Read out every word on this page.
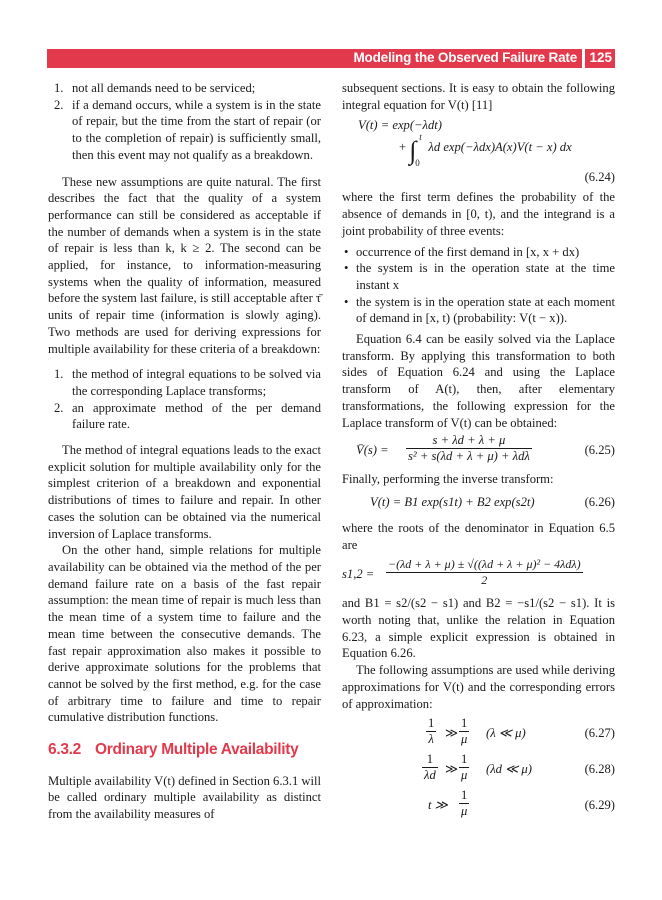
Modeling the Observed Failure Rate 125
1. not all demands need to be serviced;
2. if a demand occurs, while a system is in the state of repair, but the time from the start of repair (or to the completion of repair) is sufficiently small, then this event may not qualify as a breakdown.

These new assumptions are quite natural. The first describes the fact that the quality of a system performance can still be considered as acceptable if the number of demands when a system is in the state of repair is less than k, k ≥ 2. The second can be applied, for instance, to information-measuring systems when the quality of information, measured before the system last failure, is still acceptable after τ̄ units of repair time (information is slowly aging). Two methods are used for deriving expressions for multiple availability for these criteria of a breakdown:

1. the method of integral equations to be solved via the corresponding Laplace transforms;
2. an approximate method of the per demand failure rate.

The method of integral equations leads to the exact explicit solution for multiple availability only for the simplest criterion of a breakdown and exponential distributions of times to failure and repair. In other cases the solution can be obtained via the numerical inversion of Laplace transforms.

On the other hand, simple relations for multiple availability can be obtained via the method of the per demand failure rate on a basis of the fast repair assumption: the mean time of repair is much less than the mean time of a system time to failure and the mean time between the consecutive demands. The fast repair approximation also makes it possible to derive approximate solutions for the problems that cannot be solved by the first method, e.g. for the case of arbitrary time to failure and time to repair cumulative distribution functions.

6.3.2 Ordinary Multiple Availability

Multiple availability V(t) defined in Section 6.3.1 will be called ordinary multiple availability as distinct from the availability measures of

subsequent sections. It is easy to obtain the following integral equation for V(t) [11]

V(t) = exp(−λdt)
+ ∫ t
0
λd exp(−λdx)A(x)V(t − x) dx
(6.24)

where the first term defines the probability of the absence of demands in [0, t), and the integrand is a joint probability of three events:

• occurrence of the first demand in [x, x + dx)
• the system is in the operation state at the time instant x
• the system is in the operation state at each moment of demand in [x, t) (probability: V(t − x)).

Equation 6.4 can be easily solved via the Laplace transform. By applying this transformation to both sides of Equation 6.24 and using the Laplace transform of A(t), then, after elementary transformations, the following expression for the Laplace transform of V(t) can be obtained:

V̄(s) =
s + λd + λ + μ
s² + s(λd + λ + μ) + λdλ	(6.25)

Finally, performing the inverse transform:

V(t) = B1 exp(s1t) + B2 exp(s2t)	(6.26)

where the roots of the denominator in Equation 6.5 are

s1,2 =
−(λd + λ + μ) ± √((λd + λ + μ)² − 4λdλ)
2

and B1 = s2/(s2 − s1) and B2 = −s1/(s2 − s1). It is worth noting that, unlike the relation in Equation 6.23, a simple explicit expression is obtained in Equation 6.26.

The following assumptions are used while deriving approximations for V(t) and the corresponding errors of approximation:

$\frac{1}{\lambda}$ ≫ $\frac{1}{\mu} (\lambda$ ≪ μ)	(6.27)
$\frac{1}{\lambda d}$ ≫ $\frac{1}{\mu} (\lambda d$ ≪ μ)	(6.28)
t ≫ $\frac{1}{\mu}$	(6.29)
